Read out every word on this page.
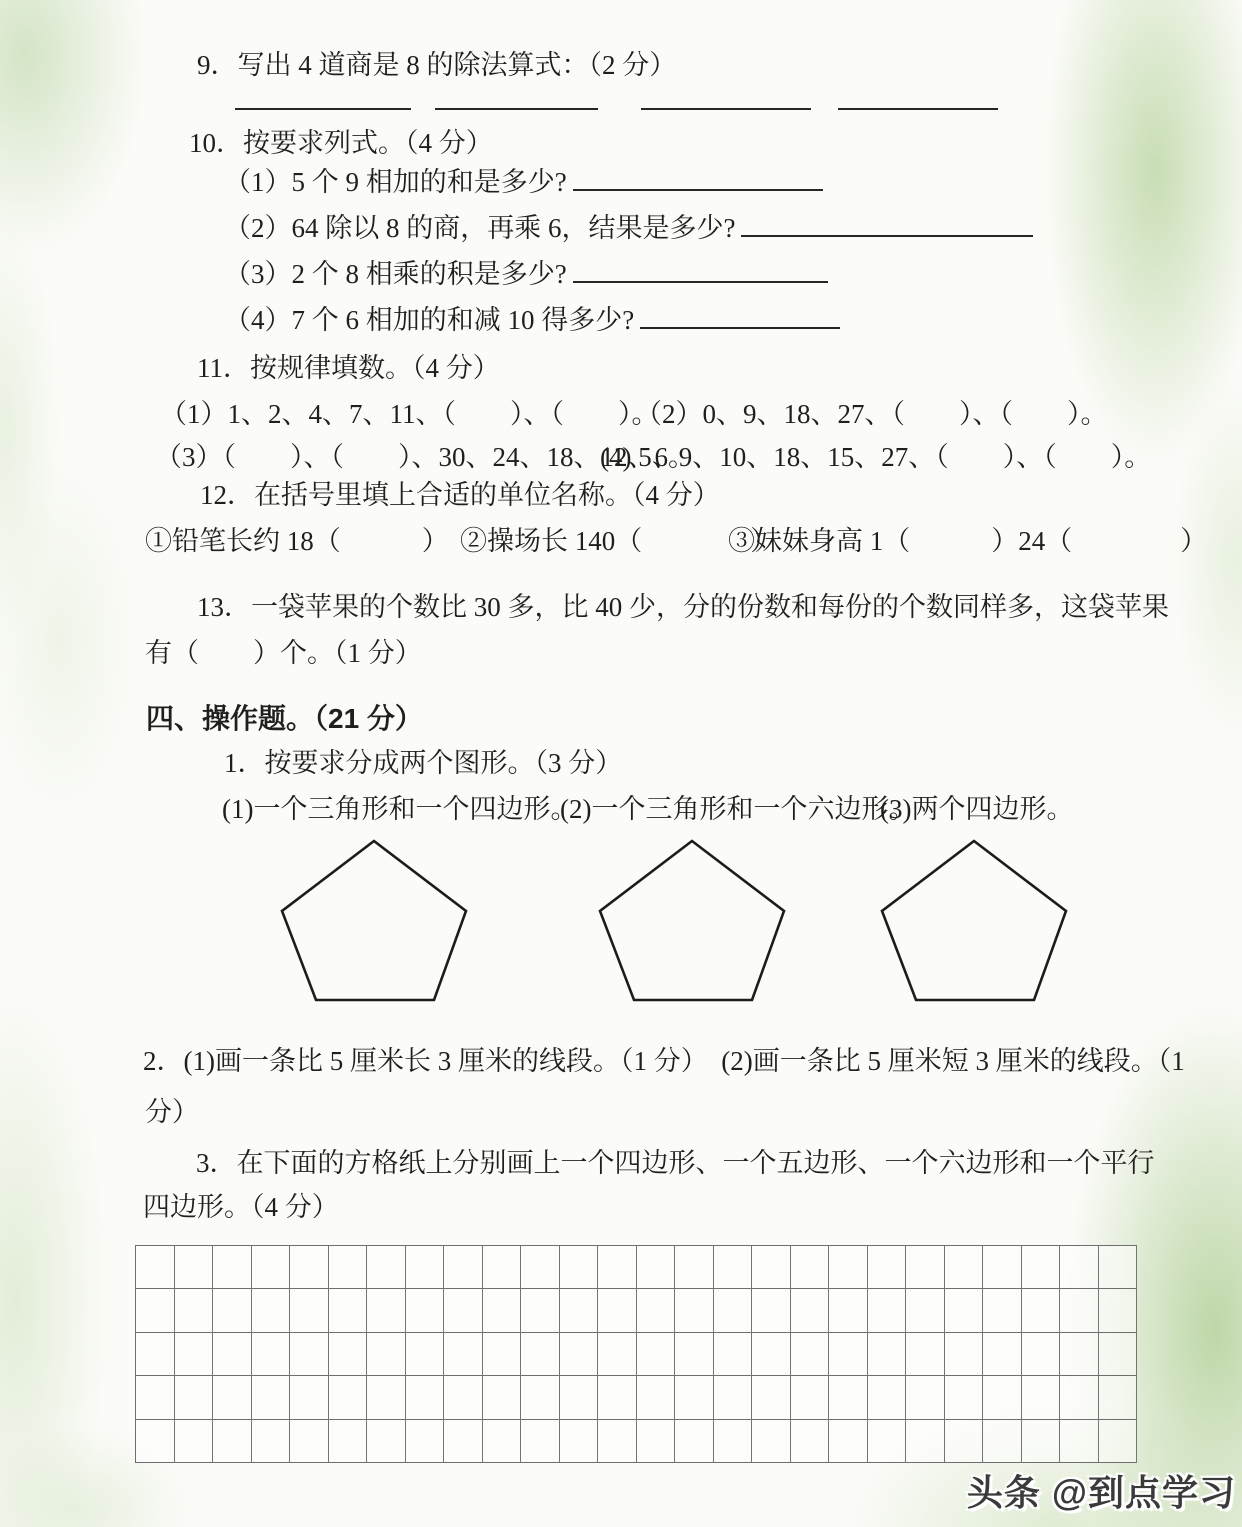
9．写出 4 道商是 8 的除法算式：（2 分）
10．按要求列式。（4 分）
（1）5 个 9 相加的和是多少?
（2）64 除以 8 的商，再乘 6，结果是多少?
（3）2 个 8 相乘的积是多少?
（4）7 个 6 相加的和减 10 得多少?
11．按规律填数。（4 分）
（1）1、2、4、7、11、（　　）、（　　）。
（2）0、9、18、27、（　　）、（　　）。
（3）（　　）、（　　）、30、24、18、12、6。
(4) 5、9、10、18、15、27、（　　）、（　　）。
12．在括号里填上合适的单位名称。（4 分）
①铅笔长约 18（　　　） ②操场长 140（　　　　）
③妹妹身高 1（　　　）24（　　　　）
13．一袋苹果的个数比 30 多，比 40 少，分的份数和每份的个数同样多，这袋苹果
有（　　）个。（1 分）
四、操作题。（21 分）
1．按要求分成两个图形。（3 分）
(1)一个三角形和一个四边形。
(2)一个三角形和一个六边形。
(3)两个四边形。
2．(1)画一条比 5 厘米长 3 厘米的线段。（1 分）　(2)画一条比 5 厘米短 3 厘米的线段。（1
分）
3．在下面的方格纸上分别画上一个四边形、一个五边形、一个六边形和一个平行
四边形。（4 分）
头条 @到点学习
